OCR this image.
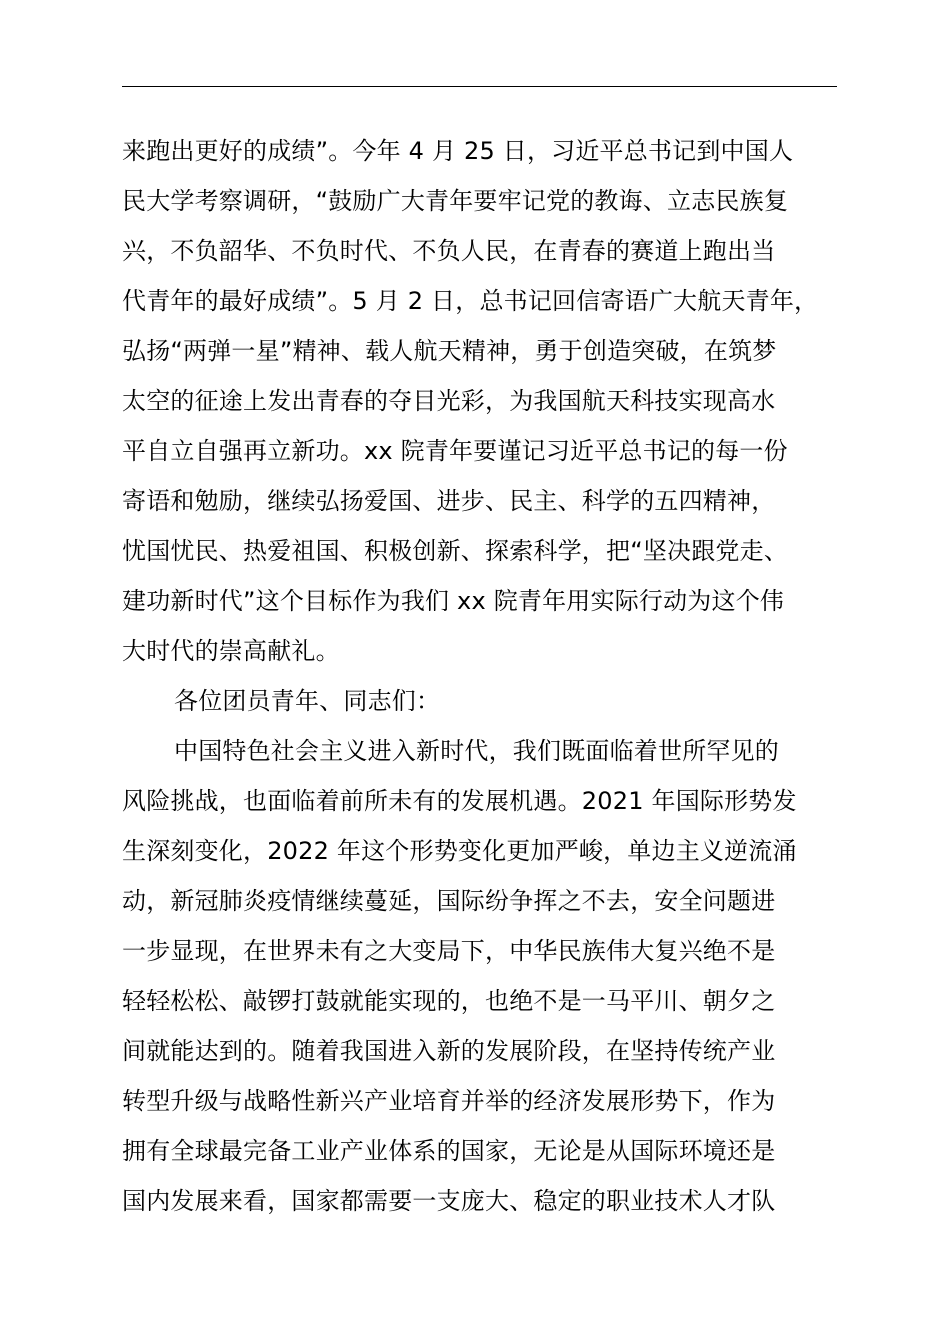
来跑出更好的成绩”。今年 4 月 25 日，习近平总书记到中国人
民大学考察调研，“鼓励广大青年要牢记党的教诲、立志民族复
兴，不负韶华、不负时代、不负人民，在青春的赛道上跑出当
代青年的最好成绩”。5 月 2 日，总书记回信寄语广大航天青年，
弘扬“两弹一星”精神、载人航天精神，勇于创造突破，在筑梦
太空的征途上发出青春的夺目光彩，为我国航天科技实现高水
平自立自强再立新功。xx 院青年要谨记习近平总书记的每一份
寄语和勉励，继续弘扬爱国、进步、民主、科学的五四精神，
忧国忧民、热爱祖国、积极创新、探索科学，把“坚决跟党走、
建功新时代”这个目标作为我们 xx 院青年用实际行动为这个伟
大时代的崇高献礼。
各位团员青年、同志们：
中国特色社会主义进入新时代，我们既面临着世所罕见的
风险挑战，也面临着前所未有的发展机遇。2021 年国际形势发
生深刻变化，2022 年这个形势变化更加严峻，单边主义逆流涌
动，新冠肺炎疫情继续蔓延，国际纷争挥之不去，安全问题进
一步显现，在世界未有之大变局下，中华民族伟大复兴绝不是
轻轻松松、敲锣打鼓就能实现的，也绝不是一马平川、朝夕之
间就能达到的。随着我国进入新的发展阶段，在坚持传统产业
转型升级与战略性新兴产业培育并举的经济发展形势下，作为
拥有全球最完备工业产业体系的国家，无论是从国际环境还是
国内发展来看，国家都需要一支庞大、稳定的职业技术人才队
